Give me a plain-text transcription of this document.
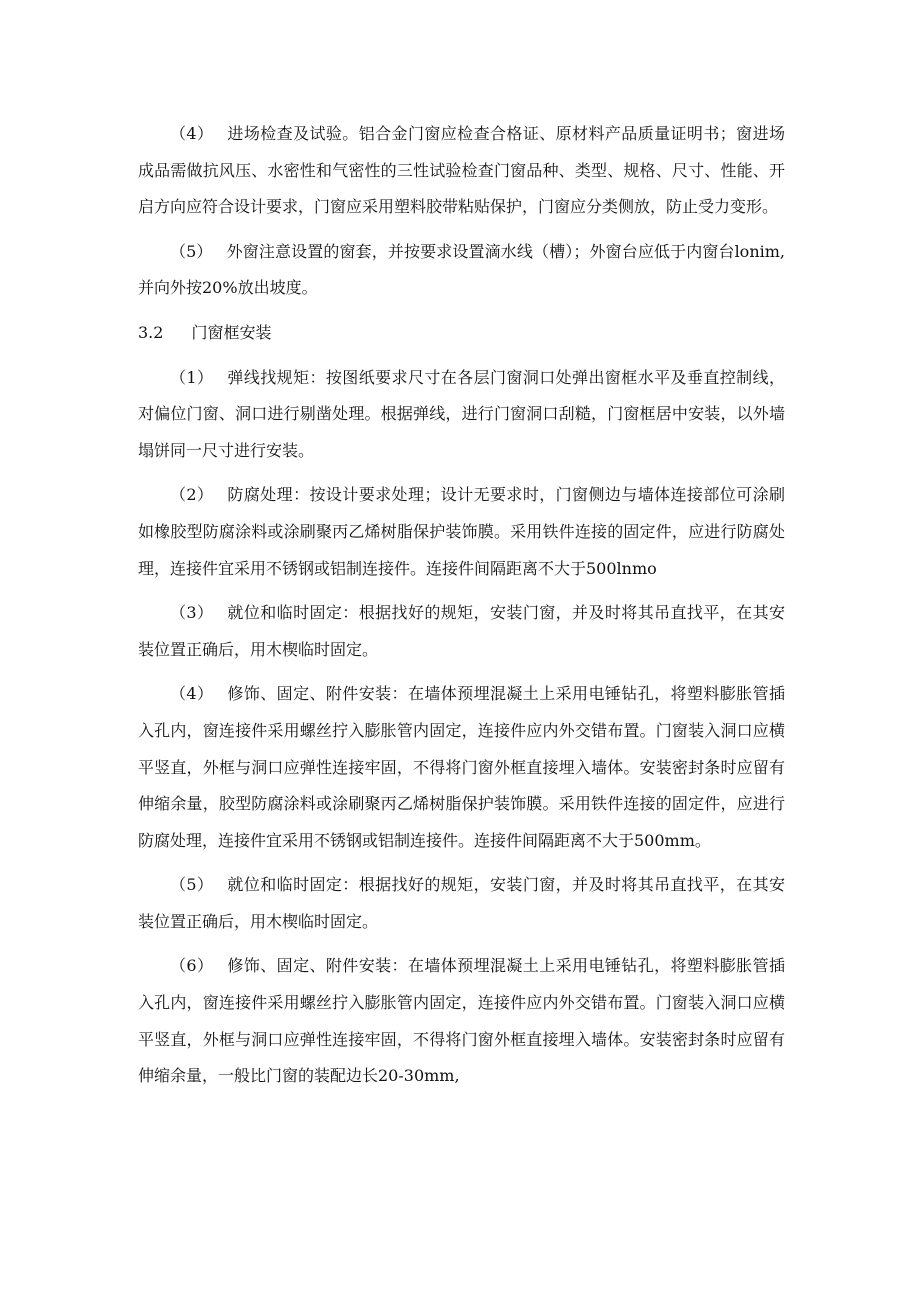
（4） 进场检查及试验。铝合金门窗应检查合格证、原材料产品质量证明书；窗进场成品需做抗风压、水密性和气密性的三性试验检查门窗品种、类型、规格、尺寸、性能、开启方向应符合设计要求，门窗应采用塑料胶带粘贴保护，门窗应分类侧放，防止受力变形。

（5） 外窗注意设置的窗套，并按要求设置滴水线（槽）；外窗台应低于内窗台lonim,并向外按20%放出坡度。

3.2 门窗框安装

（1） 弹线找规矩：按图纸要求尺寸在各层门窗洞口处弹出窗框水平及垂直控制线，对偏位门窗、洞口进行剔凿处理。根据弹线，进行门窗洞口刮糙，门窗框居中安装，以外墙塌饼同一尺寸进行安装。

（2） 防腐处理：按设计要求处理；设计无要求时，门窗侧边与墙体连接部位可涂刷如橡胶型防腐涂料或涂刷聚丙乙烯树脂保护装饰膜。采用铁件连接的固定件，应进行防腐处理，连接件宜采用不锈钢或铝制连接件。连接件间隔距离不大于500lnmo

（3） 就位和临时固定：根据找好的规矩，安装门窗，并及时将其吊直找平，在其安装位置正确后，用木楔临时固定。

（4） 修饰、固定、附件安装：在墙体预埋混凝土上采用电锤钻孔，将塑料膨胀管插入孔内，窗连接件采用螺丝拧入膨胀管内固定，连接件应内外交错布置。门窗装入洞口应横平竖直，外框与洞口应弹性连接牢固，不得将门窗外框直接埋入墙体。安装密封条时应留有伸缩余量，胶型防腐涂料或涂刷聚丙乙烯树脂保护装饰膜。采用铁件连接的固定件，应进行防腐处理，连接件宜采用不锈钢或铝制连接件。连接件间隔距离不大于500mm。

（5） 就位和临时固定：根据找好的规矩，安装门窗，并及时将其吊直找平，在其安装位置正确后，用木楔临时固定。

（6） 修饰、固定、附件安装：在墙体预埋混凝土上采用电锤钻孔，将塑料膨胀管插入孔内，窗连接件采用螺丝拧入膨胀管内固定，连接件应内外交错布置。门窗装入洞口应横平竖直，外框与洞口应弹性连接牢固，不得将门窗外框直接埋入墙体。安装密封条时应留有伸缩余量，一般比门窗的装配边长20-30mm,
